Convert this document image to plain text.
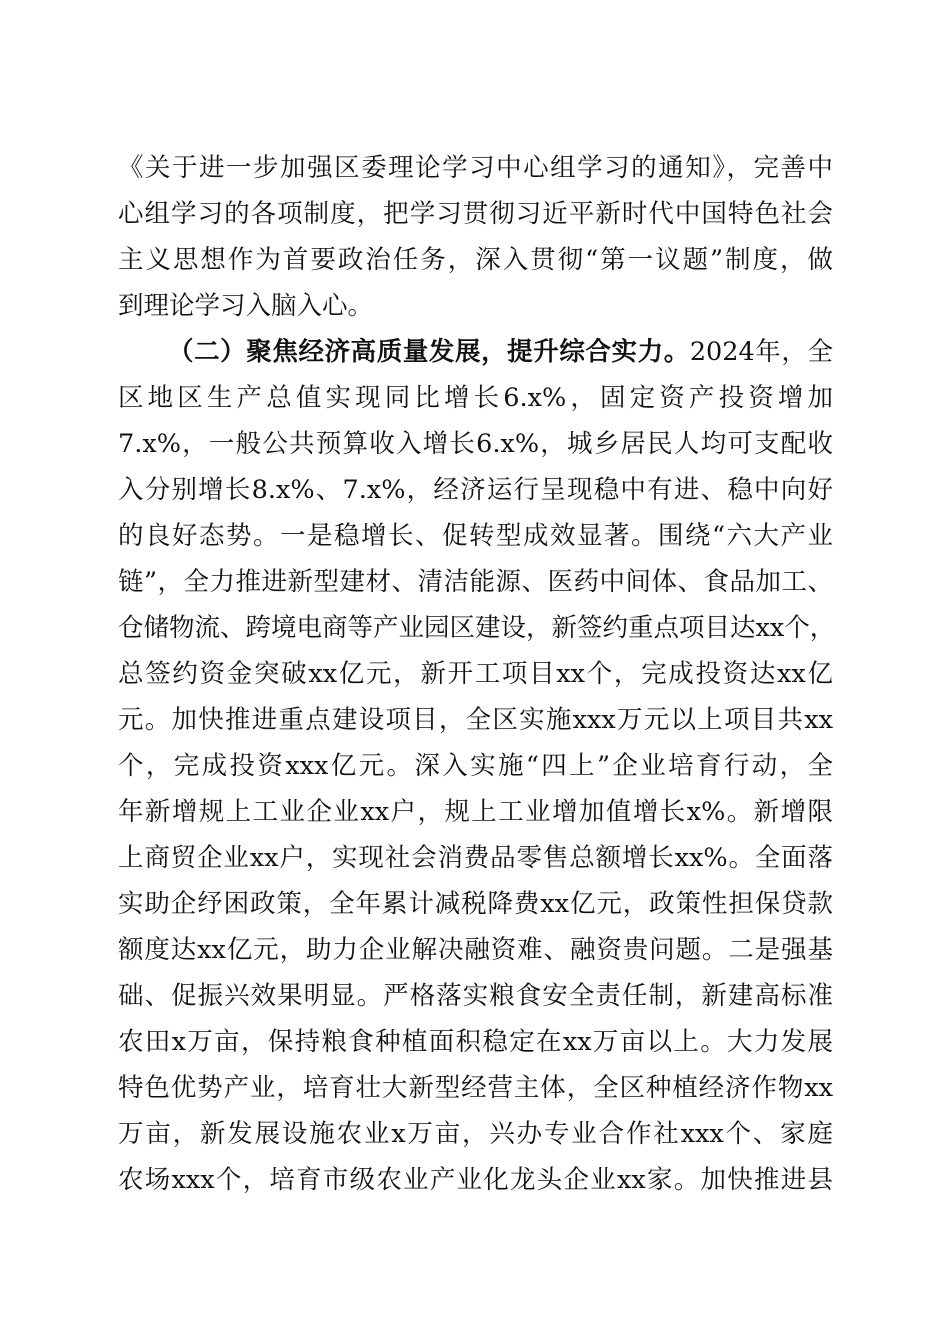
《关于进一步加强区委理论学习中心组学习的通知》，完善中
心组学习的各项制度，把学习贯彻习近平新时代中国特色社会
主义思想作为首要政治任务，深入贯彻“第一议题”制度，做
到理论学习入脑入心。
（二）聚焦经济高质量发展，提升综合实力。2024年，全
区地区生产总值实现同比增长6.x%，固定资产投资增加
7.x%，一般公共预算收入增长6.x%，城乡居民人均可支配收
入分别增长8.x%、7.x%，经济运行呈现稳中有进、稳中向好
的良好态势。一是稳增长、促转型成效显著。围绕“六大产业
链”，全力推进新型建材、清洁能源、医药中间体、食品加工、
仓储物流、跨境电商等产业园区建设，新签约重点项目达xx个，
总签约资金突破xx亿元，新开工项目xx个，完成投资达xx亿
元。加快推进重点建设项目，全区实施xxx万元以上项目共xx
个，完成投资xxx亿元。深入实施“四上”企业培育行动，全
年新增规上工业企业xx户，规上工业增加值增长x%。新增限
上商贸企业xx户，实现社会消费品零售总额增长xx%。全面落
实助企纾困政策，全年累计减税降费xx亿元，政策性担保贷款
额度达xx亿元，助力企业解决融资难、融资贵问题。二是强基
础、促振兴效果明显。严格落实粮食安全责任制，新建高标准
农田x万亩，保持粮食种植面积稳定在xx万亩以上。大力发展
特色优势产业，培育壮大新型经营主体，全区种植经济作物xx
万亩，新发展设施农业x万亩，兴办专业合作社xxx个、家庭
农场xxx个，培育市级农业产业化龙头企业xx家。加快推进县
